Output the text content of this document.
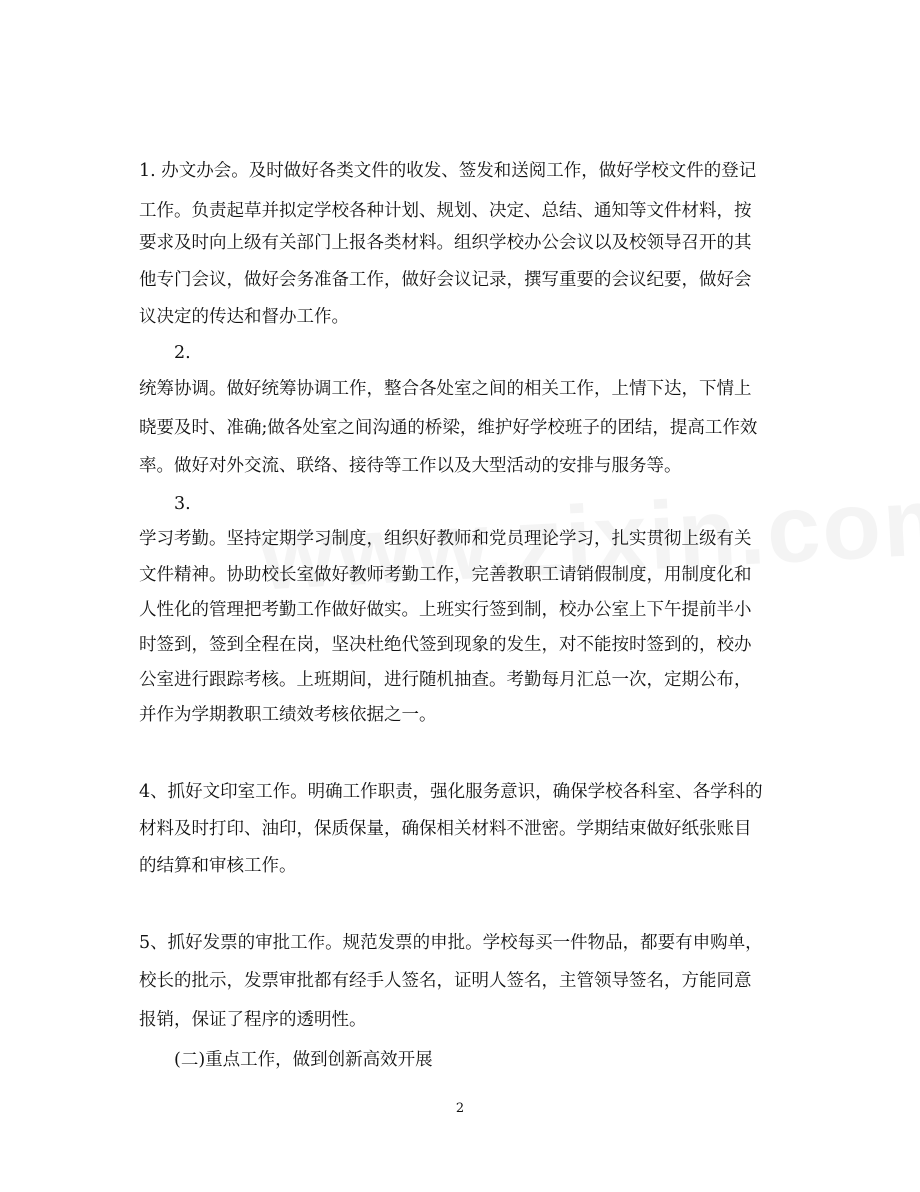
1. 办文办会。及时做好各类文件的收发、签发和送阅工作，做好学校文件的登记

工作。负责起草并拟定学校各种计划、规划、决定、总结、通知等文件材料，按

要求及时向上级有关部门上报各类材料。组织学校办公会议以及校领导召开的其

他专门会议，做好会务准备工作，做好会议记录，撰写重要的会议纪要，做好会

议决定的传达和督办工作。

2.

统筹协调。做好统筹协调工作，整合各处室之间的相关工作，上情下达，下情上

晓要及时、准确;做各处室之间沟通的桥梁，维护好学校班子的团结，提高工作效

率。做好对外交流、联络、接待等工作以及大型活动的安排与服务等。

3.

学习考勤。坚持定期学习制度，组织好教师和党员理论学习，扎实贯彻上级有关

文件精神。协助校长室做好教师考勤工作，完善教职工请销假制度，用制度化和

人性化的管理把考勤工作做好做实。上班实行签到制，校办公室上下午提前半小

时签到，签到全程在岗，坚决杜绝代签到现象的发生，对不能按时签到的，校办

公室进行跟踪考核。上班期间，进行随机抽查。考勤每月汇总一次，定期公布，

并作为学期教职工绩效考核依据之一。

4、抓好文印室工作。明确工作职责，强化服务意识，确保学校各科室、各学科的

材料及时打印、油印，保质保量，确保相关材料不泄密。学期结束做好纸张账目

的结算和审核工作。

5、抓好发票的审批工作。规范发票的申批。学校每买一件物品，都要有申购单，

校长的批示，发票审批都有经手人签名，证明人签名，主管领导签名，方能同意

报销，保证了程序的透明性。

(二)重点工作，做到创新高效开展

2
